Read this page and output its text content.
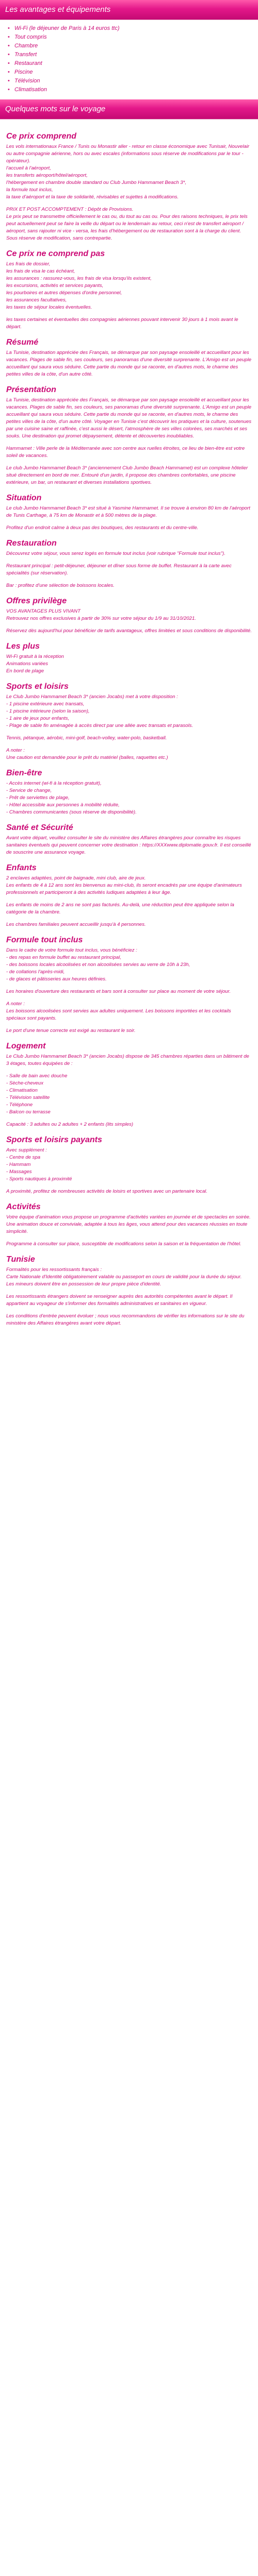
Les avantages et équipements
• Wi-Fi (le déjeuner de Paris à 14 euros ttc)
• Tout compris
• Chambre
• Transfert
• Restaurant
• Piscine
• Télévision
• Climatisation
Quelques mots sur le voyage
Ce prix comprend
Les vols internationaux France / Tunis ou Monastir aller - retour en classe économique avec Tunisair, Nouvelair ou autre compagnie aérienne, hors ou avec escales (informations sous réserve de modifications par le tour - opérateur).
l'accueil à l'aéroport,
les transferts aéroport/hôtel/aéroport,
l'hébergement en chambre double standard ou Club Jumbo Hammamet Beach 3*,
la formule tout inclus,
la taxe d'aéroport et la taxe de solidarité, révisables et sujettes à modifications.
PRIX ET POST ACCOMPTEMENT : Dépôt de Provisions.
Le prix peut se transmettre officiellement le cas ou, du tout au cas ou. Pour des raisons techniques, le prix tels peut actuellement peut se faire la veille du départ ou le lendemain au retour, ceci n'est de transfert aéroport / aéroport, sans rajouter ni vice - versa, les frais d'hébergement ou de restauration sont à la charge du client. Sous réserve de modification, sans contrepartie.
Ce prix ne comprend pas
Les frais de dossier,
les frais de visa le cas échéant,
les assurances : rassurez-vous, les frais de visa lorsqu'ils existent,
les excursions, activités et services payants,
les pourboires et autres dépenses d'ordre personnel,
les assurances facultatives,
les taxes de séjour locales éventuelles.
les taxes certaines et éventuelles des compagnies aériennes pouvant intervenir 30 jours à 1 mois avant le départ.
Résumé
La Tunisie, destination appréciée des Français, se démarque par son paysage ensoleillé et accueillant pour les vacances. Plages de sable fin, ses couleurs, ses panoramas d'une diversité surprenante. L'Amigo est un peuple accueillant qui saura vous séduire. Cette partie du monde qui se raconte, en d'autres mots, le charme des petites villes de la côte, d'un autre côté.
Présentation
La Tunisie, destination appréciée des Français, se démarque par son paysage ensoleillé et accueillant pour les vacances. Plages de sable fin, ses couleurs, ses panoramas d'une diversité surprenante. L'Amigo est un peuple accueillant qui saura vous séduire. Cette partie du monde qui se raconte, en d'autres mots, le charme des petites villes de la côte, d'un autre côté. Voyager en Tunisie c'est découvrir les pratiques et la culture, soutenues par une cuisine saine et raffinée, c'est aussi le désert, l'atmosphère de ses villes colorées, ses marchés et ses souks. Une destination qui promet dépaysement, détente et découvertes inoubliables.
Hammamet : Ville perle de la Méditerranée avec son centre aux ruelles étroites, ce lieu de bien-être est votre soleil de vacances.
Le club Jumbo Hammamet Beach 3* (anciennement Club Jumbo Beach Hammamet) est un complexe hôtelier situé directement en bord de mer. Entouré d'un jardin, il propose des chambres confortables, une piscine extérieure, un bar, un restaurant et diverses installations sportives.
Situation
Le club Jumbo Hammamet Beach 3* est situé à Yasmine Hammamet. Il se trouve à environ 80 km de l'aéroport de Tunis Carthage, à 75 km de Monastir et à 500 mètres de la plage.
Profitez d'un endroit calme à deux pas des boutiques, des restaurants et du centre-ville.
Restauration
Découvrez votre séjour, vous serez logés en formule tout inclus (voir rubrique "Formule tout inclus").
Restaurant principal : petit-déjeuner, déjeuner et dîner sous forme de buffet. Restaurant à la carte avec spécialités (sur réservation).
Bar : profitez d'une sélection de boissons locales.
Offres privilège
VOS AVANTAGES PLUS VIVANT
Retrouvez nos offres exclusives à partir de 30% sur votre séjour du 1/9 au 31/10/2021.
Réservez dès aujourd'hui pour bénéficier de tarifs avantageux, offres limitées et sous conditions de disponibilité.
Les plus
Wi-Fi gratuit à la réception
Animations variées
En bord de plage
Sports et loisirs
Le Club Jumbo Hammamet Beach 3* (ancien Jocabs) met à votre disposition :
- 1 piscine extérieure avec transats,
- 1 piscine intérieure (selon la saison),
- 1 aire de jeux pour enfants,
- Plage de sable fin aménagée à accès direct par une allée avec transats et parasols.
Tennis, pétanque, aérobic, mini-golf, beach-volley, water-polo, basketball.
A noter :
Une caution est demandée pour le prêt du matériel (balles, raquettes etc.)
Bien-être
- Accès internet (wi-fi à la réception gratuit),
- Service de change,
- Prêt de serviettes de plage,
- Hôtel accessible aux personnes à mobilité réduite,
- Chambres communicantes (sous réserve de disponibilité).
Santé et Sécurité
Avant votre départ, veuillez consulter le site du ministère des Affaires étrangères pour connaître les risques sanitaires éventuels qui peuvent concerner votre destination : https://XXXwww.diplomatie.gouv.fr. Il est conseillé de souscrire une assurance voyage.
Enfants
2 enclaves adaptées, point de baignade, mini club, aire de jeux.
Les enfants de 4 à 12 ans sont les bienvenus au mini-club, ils seront encadrés par une équipe d'animateurs professionnels et participeront à des activités ludiques adaptées à leur âge.
Les enfants de moins de 2 ans ne sont pas facturés. Au-delà, une réduction peut être appliquée selon la catégorie de la chambre.
Les chambres familiales peuvent accueillir jusqu'à 4 personnes.
Formule tout inclus
Dans le cadre de votre formule tout inclus, vous bénéficiez :
- des repas en formule buffet au restaurant principal,
- des boissons locales alcoolisées et non alcoolisées servies au verre de 10h à 23h,
- de collations l'après-midi,
- de glaces et pâtisseries aux heures définies.
Les horaires d'ouverture des restaurants et bars sont à consulter sur place au moment de votre séjour.
A noter :
Les boissons alcoolisées sont servies aux adultes uniquement. Les boissons importées et les cocktails spéciaux sont payants.
Le port d'une tenue correcte est exigé au restaurant le soir.
Logement
Le Club Jumbo Hammamet Beach 3* (ancien Jocabs) dispose de 345 chambres réparties dans un bâtiment de 3 étages, toutes équipées de :
- Salle de bain avec douche
- Sèche-cheveux
- Climatisation
- Télévision satellite
- Téléphone
- Balcon ou terrasse
Capacité : 3 adultes ou 2 adultes + 2 enfants (lits simples)
Sports et loisirs payants
Avec supplément :
- Centre de spa
- Hammam
- Massages
- Sports nautiques à proximité
A proximité, profitez de nombreuses activités de loisirs et sportives avec un partenaire local.
Activités
Votre équipe d'animation vous propose un programme d'activités variées en journée et de spectacles en soirée.
Une animation douce et conviviale, adaptée à tous les âges, vous attend pour des vacances réussies en toute simplicité.
Programme à consulter sur place, susceptible de modifications selon la saison et la fréquentation de l'hôtel.
Tunisie
Formalités pour les ressortissants français :
Carte Nationale d'Identité obligatoirement valable ou passeport en cours de validité pour la durée du séjour.
Les mineurs doivent être en possession de leur propre pièce d'identité.
Les ressortissants étrangers doivent se renseigner auprès des autorités compétentes avant le départ. Il appartient au voyageur de s'informer des formalités administratives et sanitaires en vigueur.
Les conditions d'entrée peuvent évoluer ; nous vous recommandons de vérifier les informations sur le site du ministère des Affaires étrangères avant votre départ.
